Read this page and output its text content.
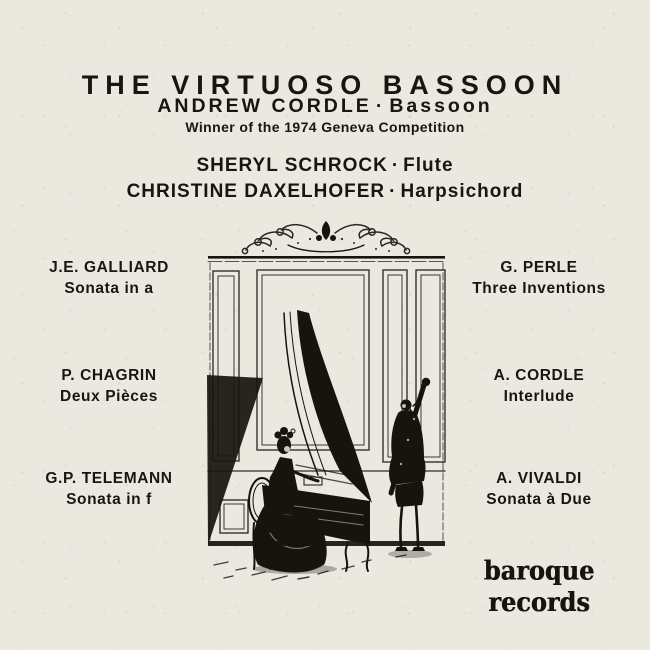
THE VIRTUOSO BASSOON
ANDREW CORDLE · Bassoon
Winner of the 1974 Geneva Competition
SHERYL SCHROCK · Flute
CHRISTINE DAXELHOFER · Harpsichord
J.E. GALLIARD
Sonata in a
P. CHAGRIN
Deux Pièces
G.P. TELEMANN
Sonata in f
G. PERLE
Three Inventions
A. CORDLE
Interlude
A. VIVALDI
Sonata à Due
baroque records
